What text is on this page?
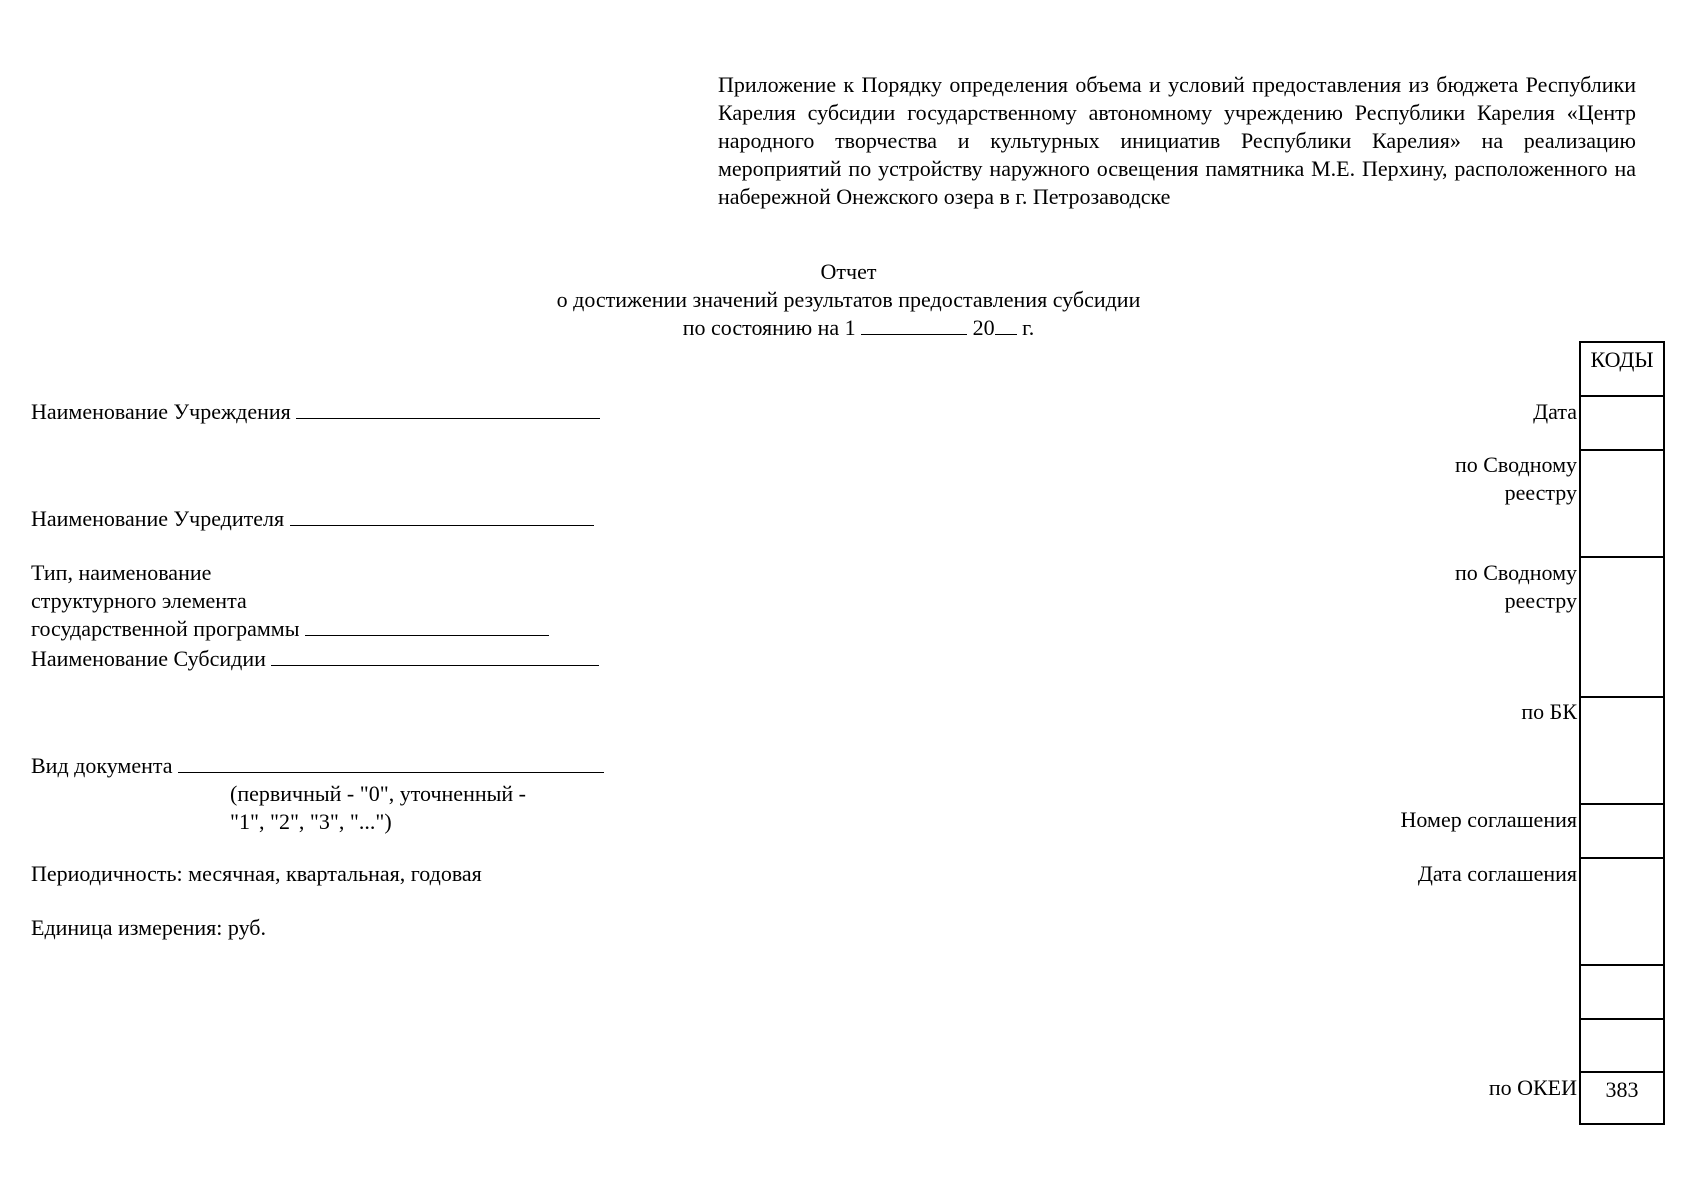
Приложение к Порядку определения объема и условий предоставления из бюджета Республики Карелия субсидии государственному автономному учреждению Республики Карелия «Центр народного творчества и культурных инициатив Республики Карелия» на реализацию мероприятий по устройству наружного освещения памятника М.Е. Перхину, расположенного на набережной Онежского озера в г. Петрозаводске
Отчет
о достижении значений результатов предоставления субсидии
по состоянию на 1	20 г.
Наименование Учреждения
Наименование Учредителя
Тип, наименование
структурного элемента
государственной программы
Наименование Субсидии
Вид документа
(первичный - "0", уточненный -
"1", "2", "3", "...")
Периодичность: месячная, квартальная, годовая
Единица измерения: руб.
Дата
по Сводному
реестру
по Сводному
реестру
по БК
Номер соглашения
Дата соглашения
по ОКЕИ
КОДЫ
383
